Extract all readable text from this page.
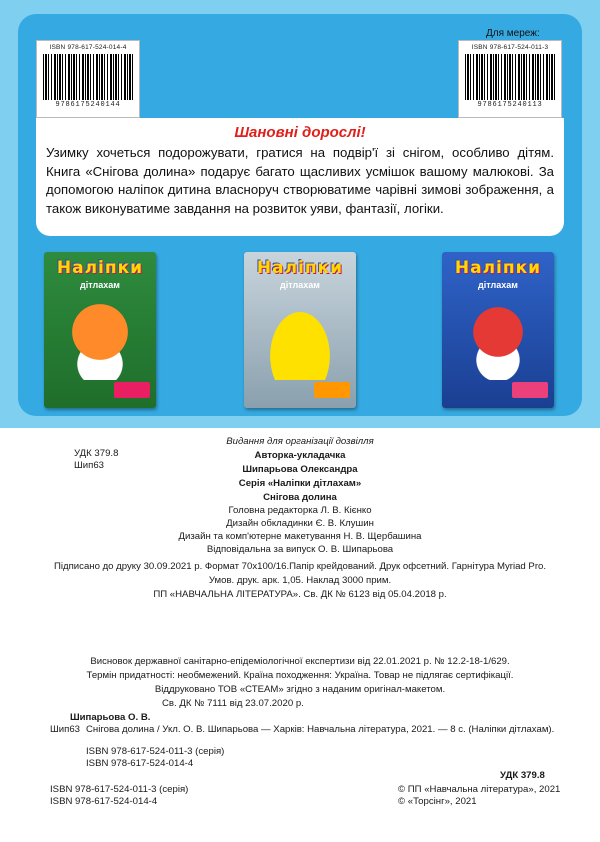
ISBN 978-617-524-014-4
9786175240144
Для мереж:
ISBN 978-617-524-011-3
9786175240113
Шановні дорослі!
Узимку хочеться подорожувати, гратися на подвір'ї зі снігом, особливо дітям. Книга «Снігова долина» подарує багато щасливих усмішок вашому малюкові. За допомогою наліпок дитина власноруч створюватиме чарівні зимові зображення, а також виконуватиме завдання на розвиток уяви, фантазії, логіки.
Наліпки
дітлахам
Наліпки
дітлахам
Наліпки
дітлахам
Видання для організації дозвілля
УДК 379.8
Шип63
Авторка-укладачка
Шипарьова Олександра
Серія «Наліпки дітлахам»
Снігова долина
Головна редакторка Л. В. Кієнко
Дизайн обкладинки Є. В. Клушин
Дизайн та комп'ютерне макетування Н. В. Щербашина
Відповідальна за випуск О. В. Шипарьова
Підписано до друку 30.09.2021 р. Формат 70х100/16.Папір крейдований. Друк офсетний. Гарнітура Myriad Pro.
Умов. друк. арк. 1,05. Наклад 3000 прим.
ПП «НАВЧАЛЬНА ЛІТЕРАТУРА». Св. ДК № 6123 від 05.04.2018 р.
Висновок державної санітарно-епідеміологічної експертизи від 22.01.2021 р. № 12.2-18-1/629.
Термін придатності: необмежений. Країна походження: Україна. Товар не підлягає сертифікації.
Віддруковано ТОВ «СТЕАМ» згідно з наданим оригінал-макетом.
Св. ДК № 7111 від 23.07.2020 р.
Шипарьова О. В.
Шип63 Снігова долина / Укл. О. В. Шипарьова — Харків: Навчальна література, 2021. — 8 с. (Наліпки дітлахам).
ISBN 978-617-524-011-3 (серія)
ISBN 978-617-524-014-4
УДК 379.8
ISBN 978-617-524-011-3 (серія)
ISBN 978-617-524-014-4
© ПП «Навчальна література», 2021
© «Торсінг», 2021
